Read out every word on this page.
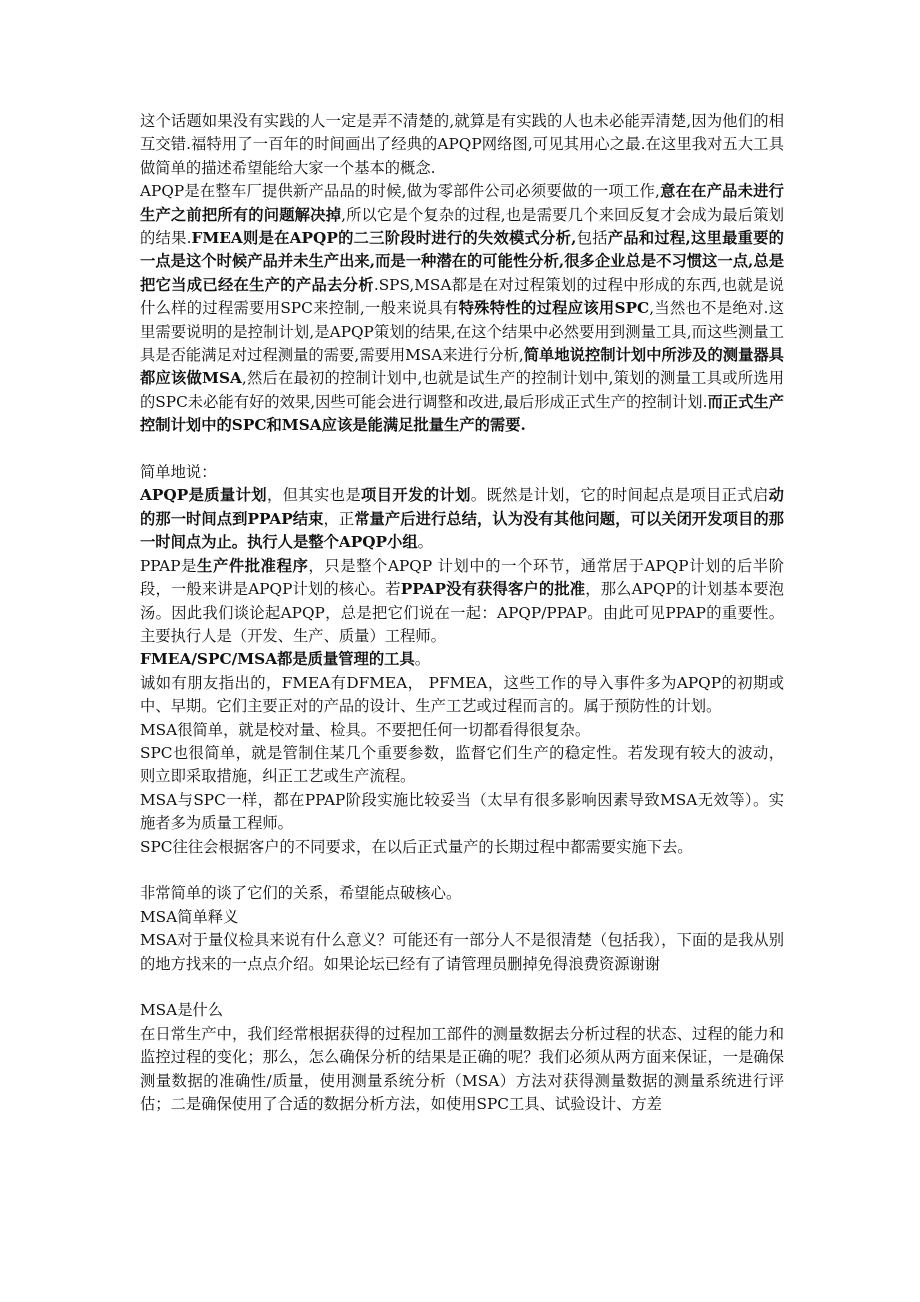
这个话题如果没有实践的人一定是弄不清楚的,就算是有实践的人也未必能弄清楚,因为他们的相互交错.福特用了一百年的时间画出了经典的APQP网络图,可见其用心之最.在这里我对五大工具做简单的描述希望能给大家一个基本的概念.

APQP是在整车厂提供新产品品的时候,做为零部件公司必须要做的一项工作,意在在产品未进行生产之前把所有的问题解决掉,所以它是个复杂的过程,也是需要几个来回反复才会成为最后策划的结果.FMEA则是在APQP的二三阶段时进行的失效模式分析,包括产品和过程,这里最重要的一点是这个时候产品并未生产出来,而是一种潜在的可能性分析,很多企业总是不习惯这一点,总是把它当成已经在生产的产品去分析.SPS,MSA都是在对过程策划的过程中形成的东西,也就是说什么样的过程需要用SPC来控制,一般来说具有特殊特性的过程应该用SPC,当然也不是绝对.这里需要说明的是控制计划,是APQP策划的结果,在这个结果中必然要用到测量工具,而这些测量工具是否能满足对过程测量的需要,需要用MSA来进行分析,简单地说控制计划中所涉及的测量器具都应该做MSA,然后在最初的控制计划中,也就是试生产的控制计划中,策划的测量工具或所选用的SPC未必能有好的效果,因些可能会进行调整和改进,最后形成正式生产的控制计划.而正式生产控制计划中的SPC和MSA应该是能满足批量生产的需要.

简单地说：

APQP是质量计划，但其实也是项目开发的计划。既然是计划，它的时间起点是项目正式启动的那一时间点到PPAP结束，正常量产后进行总结，认为没有其他问题，可以关闭开发项目的那一时间点为止。执行人是整个APQP小组。

PPAP是生产件批准程序，只是整个APQP 计划中的一个环节，通常居于APQP计划的后半阶段，一般来讲是APQP计划的核心。若PPAP没有获得客户的批准，那么APQP的计划基本要泡汤。因此我们谈论起APQP，总是把它们说在一起：APQP/PPAP。由此可见PPAP的重要性。主要执行人是（开发、生产、质量）工程师。

FMEA/SPC/MSA都是质量管理的工具。

诚如有朋友指出的，FMEA有DFMEA， PFMEA，这些工作的导入事件多为APQP的初期或中、早期。它们主要正对的产品的设计、生产工艺或过程而言的。属于预防性的计划。

MSA很简单，就是校对量、检具。不要把任何一切都看得很复杂。

SPC也很简单，就是管制住某几个重要参数，监督它们生产的稳定性。若发现有较大的波动，则立即采取措施，纠正工艺或生产流程。

MSA与SPC一样，都在PPAP阶段实施比较妥当（太早有很多影响因素导致MSA无效等）。实施者多为质量工程师。

SPC往往会根据客户的不同要求，在以后正式量产的长期过程中都需要实施下去。

非常简单的谈了它们的关系，希望能点破核心。

MSA简单释义

MSA对于量仪检具来说有什么意义？可能还有一部分人不是很清楚（包括我），下面的是我从别的地方找来的一点点介绍。如果论坛已经有了请管理员删掉免得浪费资源谢谢

MSA是什么

在日常生产中，我们经常根据获得的过程加工部件的测量数据去分析过程的状态、过程的能力和监控过程的变化；那么，怎么确保分析的结果是正确的呢？我们必须从两方面来保证，一是确保测量数据的准确性/质量，使用测量系统分析（MSA）方法对获得测量数据的测量系统进行评估；二是确保使用了合适的数据分析方法，如使用SPC工具、试验设计、方差
